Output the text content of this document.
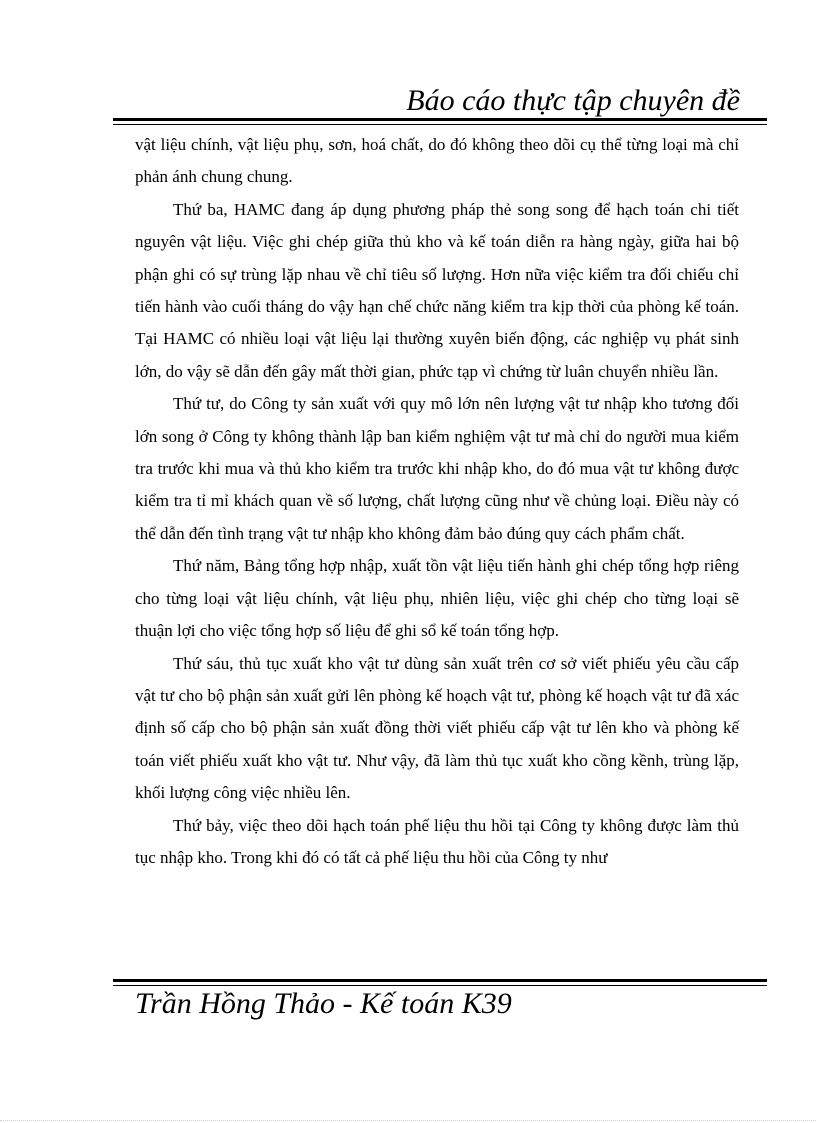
Báo cáo thực tập chuyên đề

vật liệu chính, vật liệu phụ, sơn, hoá chất, do đó không theo dõi cụ thể từng loại mà chỉ phản ánh chung chung.

Thứ ba, HAMC đang áp dụng phương pháp thẻ song song để hạch toán chi tiết nguyên vật liệu. Việc ghi chép giữa thủ kho và kế toán diễn ra hàng ngày, giữa hai bộ phận ghi có sự trùng lặp nhau về chỉ tiêu số lượng. Hơn nữa việc kiểm tra đối chiếu chỉ tiến hành vào cuối tháng do vậy hạn chế chức năng kiểm tra kịp thời của phòng kế toán. Tại HAMC có nhiều loại vật liệu lại thường xuyên biến động, các nghiệp vụ phát sinh lớn, do vậy sẽ dẫn đến gây mất thời gian, phức tạp vì chứng từ luân chuyển nhiều lần.

Thứ tư, do Công ty sản xuất với quy mô lớn nên lượng vật tư nhập kho tương đối lớn song ở Công ty không thành lập ban kiểm nghiệm vật tư mà chỉ do người mua kiểm tra trước khi mua và thủ kho kiểm tra trước khi nhập kho, do đó mua vật tư không được kiểm tra tỉ mỉ khách quan về số lượng, chất lượng cũng như về chủng loại. Điều này có thể dẫn đến tình trạng vật tư nhập kho không đảm bảo đúng quy cách phẩm chất.

Thứ năm, Bảng tổng hợp nhập, xuất tồn vật liệu tiến hành ghi chép tổng hợp riêng cho từng loại vật liệu chính, vật liệu phụ, nhiên liệu, việc ghi chép cho từng loại sẽ thuận lợi cho việc tổng hợp số liệu để ghi sổ kế toán tổng hợp.

Thứ sáu, thủ tục xuất kho vật tư dùng sản xuất trên cơ sở viết phiếu yêu cầu cấp vật tư cho bộ phận sản xuất gửi lên phòng kế hoạch vật tư, phòng kế hoạch vật tư đã xác định số cấp cho bộ phận sản xuất đồng thời viết phiếu cấp vật tư lên kho và phòng kế toán viết phiếu xuất kho vật tư. Như vậy, đã làm thủ tục xuất kho cồng kềnh, trùng lặp, khối lượng công việc nhiều lên.

Thứ bảy, việc theo dõi hạch toán phế liệu thu hồi tại Công ty không được làm thủ tục nhập kho. Trong khi đó có tất cả phế liệu thu hồi của Công ty như

Trần Hồng Thảo - Kế toán K39
